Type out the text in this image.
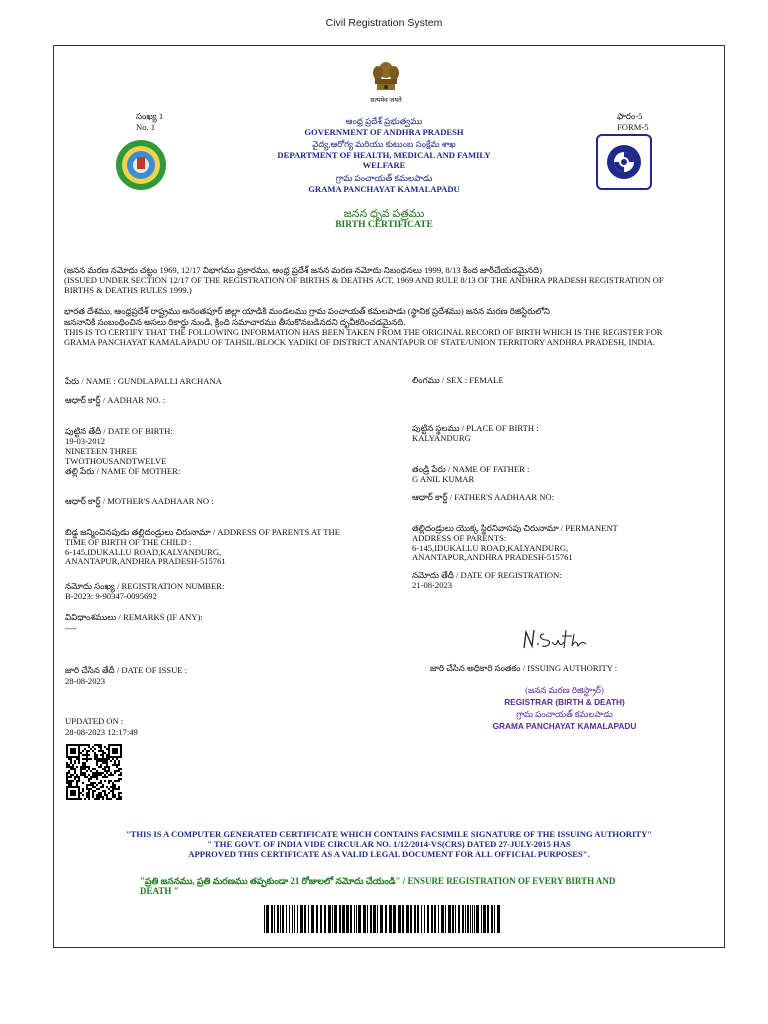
Civil Registration System
सत्यमेव जयते
సంఖ్య 1
No. 1
ఫారం-5
FORM-5
ఆంధ్ర ప్రదేశ్ ప్రభుత్వము
GOVERNMENT OF ANDHRA PRADESH
వైద్య,ఆరోగ్య మరియు కుటుంబ సంక్షేమ శాఖ
DEPARTMENT OF HEALTH, MEDICAL AND FAMILY
WELFARE
గ్రామ పంచాయత్ కమలపాడు
GRAMA PANCHAYAT KAMALAPADU
జనన ధృవ పత్రము
BIRTH CERTIFICATE
(జనన మరణ నమోదు చట్టం 1969, 12/17 విభాగము ప్రకారము, ఆంధ్ర ప్రదేశ్ జనన మరణ నమోదు నిబంధనలు 1999, 8/13 కింద జారీచేయడమైనది)
(ISSUED UNDER SECTION 12/17 OF THE REGISTRATION OF BIRTHS & DEATHS ACT, 1969 AND RULE 8/13 OF THE ANDHRA PRADESH REGISTRATION OF
BIRTHS & DEATHS RULES 1999.)
భారత దేశము, ఆంధ్రప్రదేశ్ రాష్ట్రము అనంతపూర్ జిల్లా యాడికి మండలము గ్రామ పంచాయత్ కమలపాడు (స్థానిక ప్రదేశము) జనన మరణ రిజిస్టేరులోని
జననానికి సంబంధించిన అసలు రికార్డు నుండి, క్రింది సమాచారము తీసుకొనబడినదని దృవీకరించడమైనది.
THIS IS TO CERTIFY THAT THE FOLLOWING INFORMATION HAS BEEN TAKEN FROM THE ORIGINAL RECORD OF BIRTH WHICH IS THE REGISTER FOR
GRAMA PANCHAYAT KAMALAPADU OF TAHSIL/BLOCK YADIKI OF DISTRICT ANANTAPUR OF STATE/UNION TERRITORY ANDHRA PRADESH, INDIA.
పేరు / NAME : GUNDLAPALLI ARCHANA
ఆధార్ కార్డ్ / AADHAR NO. :
పుట్టిన తేదీ / DATE OF BIRTH:
19-03-2012
NINETEEN THREE
TWOTHOUSANDTWELVE
తల్లి పేరు / NAME OF MOTHER:
ఆధార్ కార్డ్ / MOTHER'S AADHAAR NO :
బిడ్డ జన్మించినపుడు తల్లిదండ్రులు చిరునామా / ADDRESS OF PARENTS AT THE
TIME OF BIRTH OF THE CHILD :
6-145,IDUKALLU ROAD,KALYANDURG,
ANANTAPUR,ANDHRA PRADESH-515761
నమోదు సంఖ్య / REGISTRATION NUMBER:
B-2023: 9-90347-0095692
వివిధాంశములు / REMARKS (IF ANY):
----
జారి చేసిన తేదీ / DATE OF ISSUE :
28-08-2023
UPDATED ON :
28-08-2023 12:17:49
లింగము / SEX : FEMALE
పుట్టిన స్థలము / PLACE OF BIRTH :
KALYANDURG
తండ్రి పేరు / NAME OF FATHER :
G ANIL KUMAR
ఆధార్ కార్డ్ / FATHER'S AADHAAR NO:
తల్లిదండ్రులు యొక్క స్థిరనివాసపు చిరునామా / PERMANENT
ADDRESS OF PARENTS:
6-145,IDUKALLU ROAD,KALYANDURG,
ANANTAPUR,ANDHRA PRADESH-515761
నమోదు తేదీ / DATE OF REGISTRATION:
21-08-2023
జారి చేసిన అధికారి సంతకం / ISSUING AUTHORITY :
(జనన మరణ రిజిస్ట్రార్)
REGISTRAR (BIRTH & DEATH)
గ్రామ పంచాయత్ కమలపాడు
GRAMA PANCHAYAT KAMALAPADU
"THIS IS A COMPUTER GENERATED CERTIFICATE WHICH CONTAINS FACSIMILE SIGNATURE OF THE ISSUING AUTHORITY"
" THE GOVT. OF INDIA VIDE CIRCULAR NO. 1/12/2014-VS(CRS) DATED 27-JULY-2015 HAS
APPROVED THIS CERTIFICATE AS A VALID LEGAL DOCUMENT FOR ALL OFFICIAL PURPOSES".
"ప్రతి జననము, ప్రతి మరణము తప్పకుండా 21 రోజులలో నమోదు చేయండి" / ENSURE REGISTRATION OF EVERY BIRTH AND
DEATH "
